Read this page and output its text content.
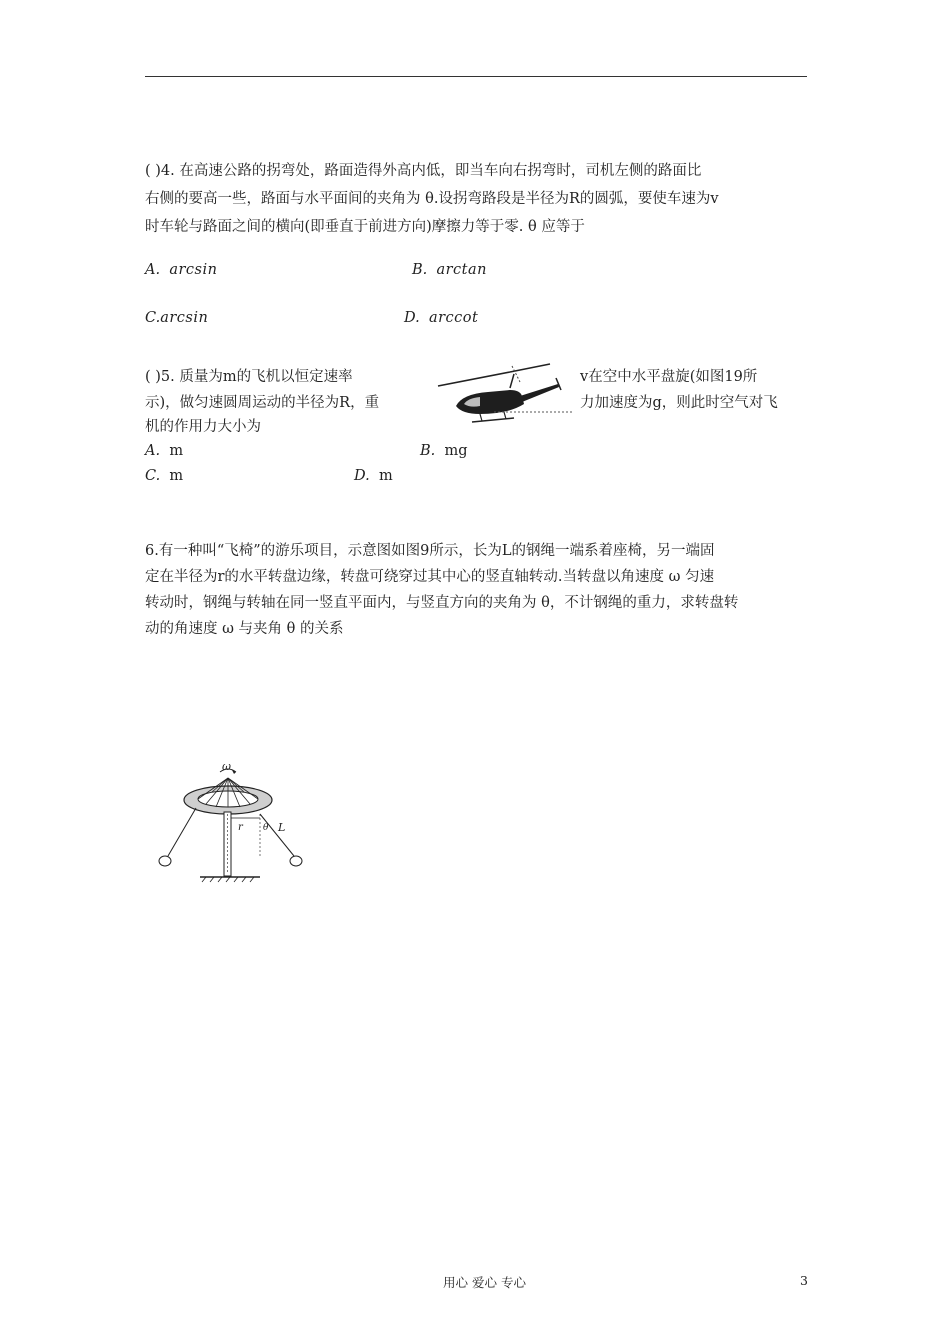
( )4. 在高速公路的拐弯处，路面造得外高内低，即当车向右拐弯时，司机左侧的路面比
右侧的要高一些，路面与水平面间的夹角为 θ.设拐弯路段是半径为R的圆弧，要使车速为v
时车轮与路面之间的横向(即垂直于前进方向)摩擦力等于零. θ 应等于
A. arcsin	B. arctan
C.arcsin	D. arccot
( )5. 质量为m的飞机以恒定速率	v在空中水平盘旋(如图19所
示)，做匀速圆周运动的半径为R，重	力加速度为g，则此时空气对飞
机的作用力大小为
A. m	B. mg
C. m	D. m
6.有一种叫“飞椅”的游乐项目，示意图如图9所示，长为L的钢绳一端系着座椅，另一端固
定在半径为r的水平转盘边缘，转盘可绕穿过其中心的竖直轴转动.当转盘以角速度 ω 匀速
转动时，钢绳与转轴在同一竖直平面内，与竖直方向的夹角为 θ，不计钢绳的重力，求转盘转
动的角速度 ω 与夹角 θ 的关系
ω
r θ L
用心 爱心 专心	3
